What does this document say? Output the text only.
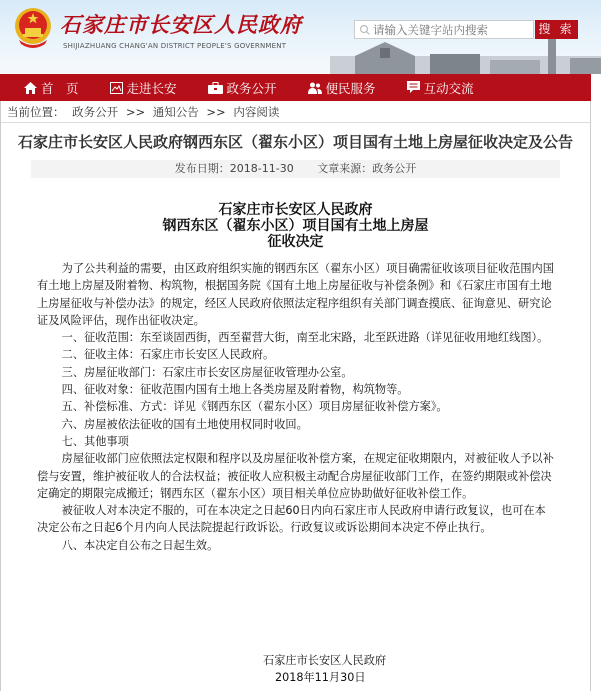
石家庄市长安区人民政府
SHIJIAZHUANG CHANG'AN DISTRICT PEOPLE'S GOVERNMENT
请输入关键字站内搜索
搜 索
首　页	走进长安	政务公开	便民服务	互动交流
当前位置： 政务公开 >> 通知公告 >> 内容阅读
石家庄市长安区人民政府钢西东区（翟东小区）项目国有土地上房屋征收决定及公告
发布日期：2018-11-30 文章来源：政务公开
石家庄市长安区人民政府
钢西东区（翟东小区）项目国有土地上房屋
征收决定

为了公共利益的需要，由区政府组织实施的钢西东区（翟东小区）项目确需征收该项目征收范围内国有土地上房屋及附着物、构筑物，根据国务院《国有土地上房屋征收与补偿条例》和《石家庄市国有土地上房屋征收与补偿办法》的规定，经区人民政府依照法定程序组织有关部门调查摸底、征询意见、研究论证及风险评估，现作出征收决定。

一、征收范围：东至谈固西街，西至翟营大街，南至北宋路，北至跃进路（详见征收用地红线图）。

二、征收主体：石家庄市长安区人民政府。

三、房屋征收部门：石家庄市长安区房屋征收管理办公室。

四、征收对象：征收范围内国有土地上各类房屋及附着物，构筑物等。

五、补偿标准、方式：详见《钢西东区（翟东小区）项目房屋征收补偿方案》。

六、房屋被依法征收的国有土地使用权同时收回。

七、其他事项

房屋征收部门应依照法定权限和程序以及房屋征收补偿方案，在规定征收期限内，对被征收人予以补偿与安置，维护被征收人的合法权益；被征收人应积极主动配合房屋征收部门工作，在签约期限或补偿决定确定的期限完成搬迁；钢西东区（翟东小区）项目相关单位应协助做好征收补偿工作。

被征收人对本决定不服的，可在本决定之日起60日内向石家庄市人民政府申请行政复议，也可在本决定公布之日起6个月内向人民法院提起行政诉讼。行政复议或诉讼期间本决定不停止执行。

八、本决定自公布之日起生效。

石家庄市长安区人民政府
2018年11月30日
